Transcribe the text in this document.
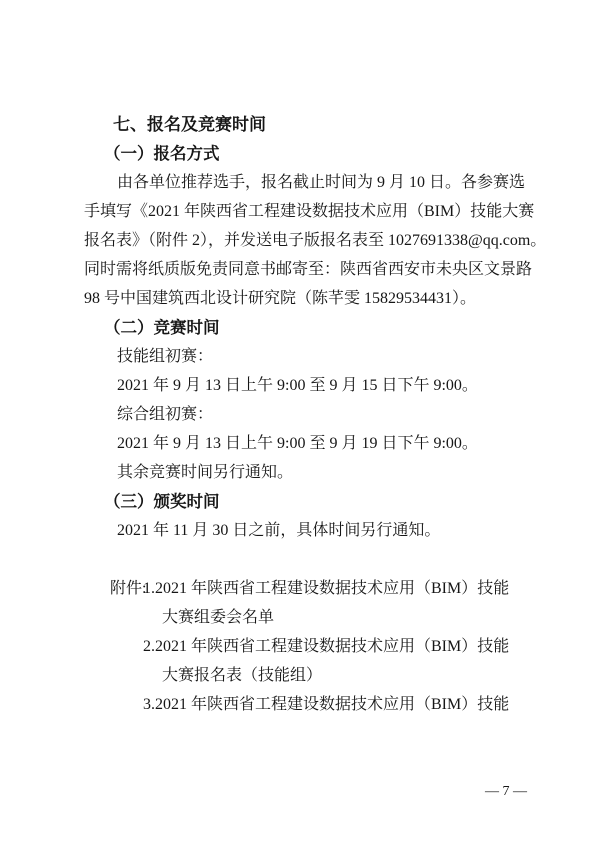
七、报名及竞赛时间
（一）报名方式
由各单位推荐选手，报名截止时间为 9 月 10 日。各参赛选
手填写《2021 年陕西省工程建设数据技术应用（BIM）技能大赛
报名表》（附件 2），并发送电子版报名表至 1027691338@qq.com。
同时需将纸质版免责同意书邮寄至：陕西省西安市未央区文景路
98 号中国建筑西北设计研究院（陈芊雯 15829534431）。
（二）竞赛时间
技能组初赛：
2021 年 9 月 13 日上午 9:00 至 9 月 15 日下午 9:00。
综合组初赛：
2021 年 9 月 13 日上午 9:00 至 9 月 19 日下午 9:00。
其余竞赛时间另行通知。
（三）颁奖时间
2021 年 11 月 30 日之前，具体时间另行通知。
附件:
1.2021 年陕西省工程建设数据技术应用（BIM）技能
大赛组委会名单
2.2021 年陕西省工程建设数据技术应用（BIM）技能
大赛报名表（技能组）
3.2021 年陕西省工程建设数据技术应用（BIM）技能
— 7 —
